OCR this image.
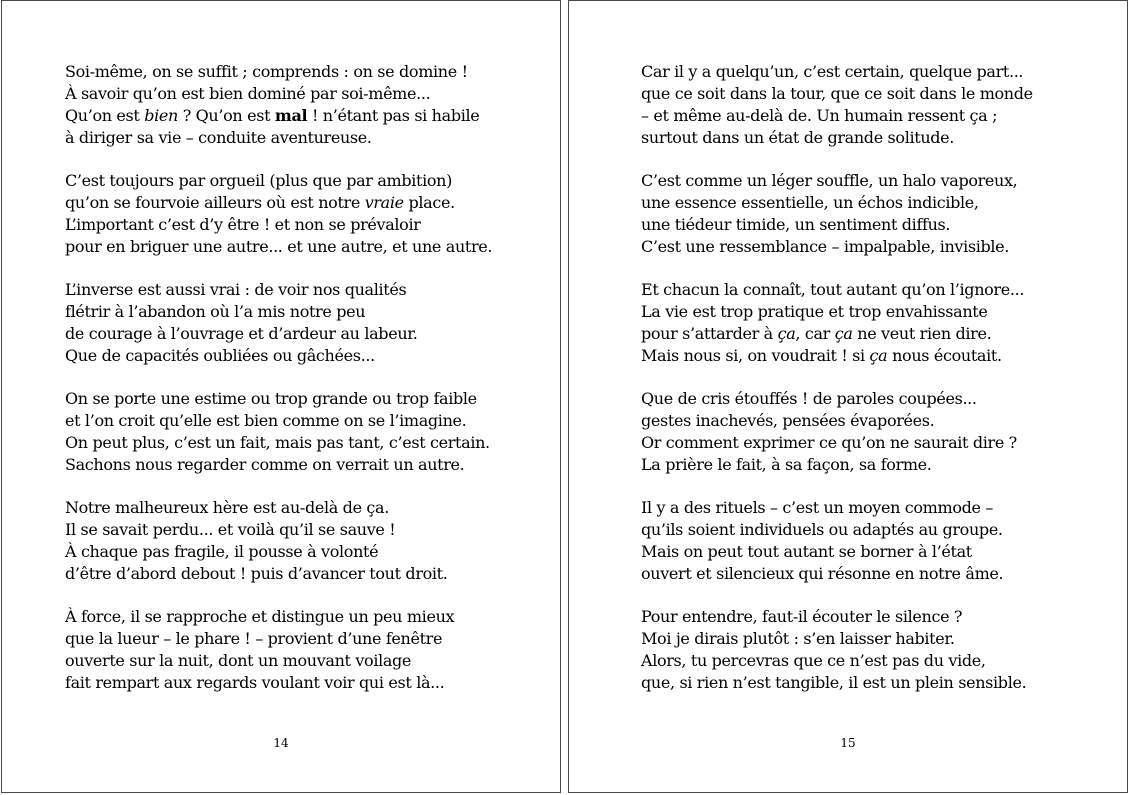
Soi-même, on se suffit ; comprends : on se domine !
À savoir qu’on est bien dominé par soi-même...
Qu’on est bien ? Qu’on est mal ! n’étant pas si habile
à diriger sa vie – conduite aventureuse.
C’est toujours par orgueil (plus que par ambition)
qu’on se fourvoie ailleurs où est notre vraie place.
L’important c’est d’y être ! et non se prévaloir
pour en briguer une autre... et une autre, et une autre.
L’inverse est aussi vrai : de voir nos qualités
flétrir à l’abandon où l’a mis notre peu
de courage à l’ouvrage et d’ardeur au labeur.
Que de capacités oubliées ou gâchées...
On se porte une estime ou trop grande ou trop faible
et l’on croit qu’elle est bien comme on se l’imagine.
On peut plus, c’est un fait, mais pas tant, c’est certain.
Sachons nous regarder comme on verrait un autre.
Notre malheureux hère est au-delà de ça.
Il se savait perdu... et voilà qu’il se sauve !
À chaque pas fragile, il pousse à volonté
d’être d’abord debout ! puis d’avancer tout droit.
À force, il se rapproche et distingue un peu mieux
que la lueur – le phare ! – provient d’une fenêtre
ouverte sur la nuit, dont un mouvant voilage
fait rempart aux regards voulant voir qui est là...
14
Car il y a quelqu’un, c’est certain, quelque part...
que ce soit dans la tour, que ce soit dans le monde
– et même au-delà de. Un humain ressent ça ;
surtout dans un état de grande solitude.
C’est comme un léger souffle, un halo vaporeux,
une essence essentielle, un échos indicible,
une tiédeur timide, un sentiment diffus.
C’est une ressemblance – impalpable, invisible.
Et chacun la connaît, tout autant qu’on l’ignore...
La vie est trop pratique et trop envahissante
pour s’attarder à ça, car ça ne veut rien dire.
Mais nous si, on voudrait ! si ça nous écoutait.
Que de cris étouffés ! de paroles coupées...
gestes inachevés, pensées évaporées.
Or comment exprimer ce qu’on ne saurait dire ?
La prière le fait, à sa façon, sa forme.
Il y a des rituels – c’est un moyen commode –
qu’ils soient individuels ou adaptés au groupe.
Mais on peut tout autant se borner à l’état
ouvert et silencieux qui résonne en notre âme.
Pour entendre, faut-il écouter le silence ?
Moi je dirais plutôt : s’en laisser habiter.
Alors, tu percevras que ce n’est pas du vide,
que, si rien n’est tangible, il est un plein sensible.
15
